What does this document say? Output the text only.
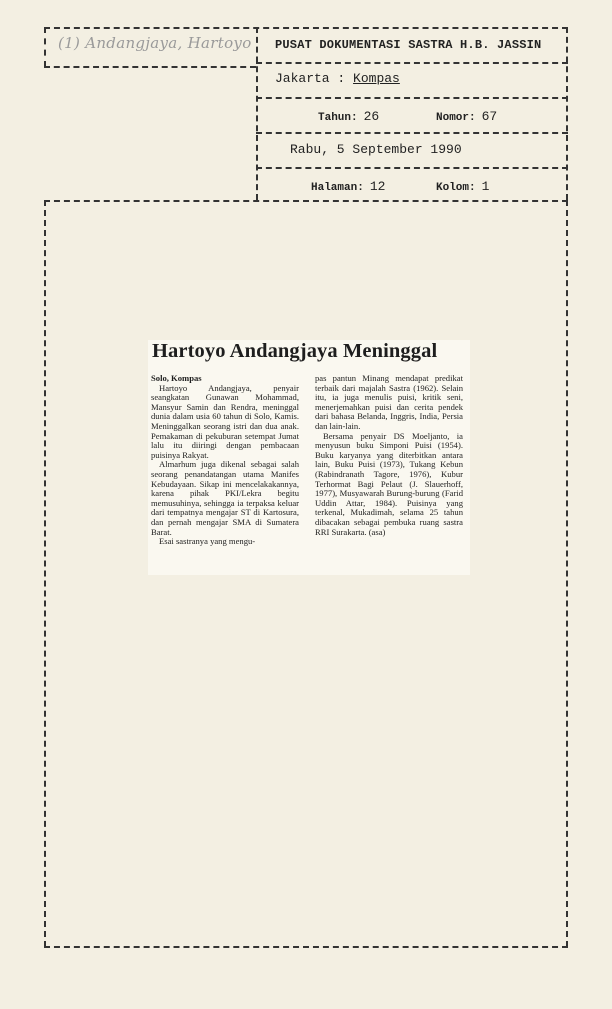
(1) Andangjaya, Hartoyo	PUSAT DOKUMENTASI SASTRA H.B. JASSIN
Jakarta : Kompas
Tahun: 26	Nomor: 67
Rabu, 5 September 1990
Halaman: 12	Kolom: 1
Hartoyo Andangjaya Meninggal

Solo, Kompas

Hartoyo Andangjaya, penyair seangkatan Gunawan Mohammad, Mansyur Samin dan Rendra, meninggal dunia dalam usia 60 tahun di Solo, Kamis. Meninggalkan seorang istri dan dua anak. Pemakaman di pekuburan setempat Jumat lalu itu diiringi dengan pembacaan puisinya Rakyat.

Almarhum juga dikenal sebagai salah seorang penandatangan utama Manifes Kebudayaan. Sikap ini mencelakakannya, karena pihak PKI/Lekra begitu memusuhinya, sehingga ia terpaksa keluar dari tempatnya mengajar ST di Kartosura, dan pernah mengajar SMA di Sumatera Barat.

Esai sastranya yang mengu-

pas pantun Minang mendapat predikat terbaik dari majalah Sastra (1962). Selain itu, ia juga menulis puisi, kritik seni, menerjemahkan puisi dan cerita pendek dari bahasa Belanda, Inggris, India, Persia dan lain-lain.

Bersama penyair DS Moeljanto, ia menyusun buku Simponi Puisi (1954). Buku karyanya yang diterbitkan antara lain, Buku Puisi (1973), Tukang Kebun (Rabindranath Tagore, 1976), Kubur Terhormat Bagi Pelaut (J. Slauerhoff, 1977), Musyawarah Burung-burung (Farid Uddin Attar, 1984). Puisinya yang terkenal, Mukadimah, selama 25 tahun dibacakan sebagai pembuka ruang sastra RRI Surakarta. (asa)
